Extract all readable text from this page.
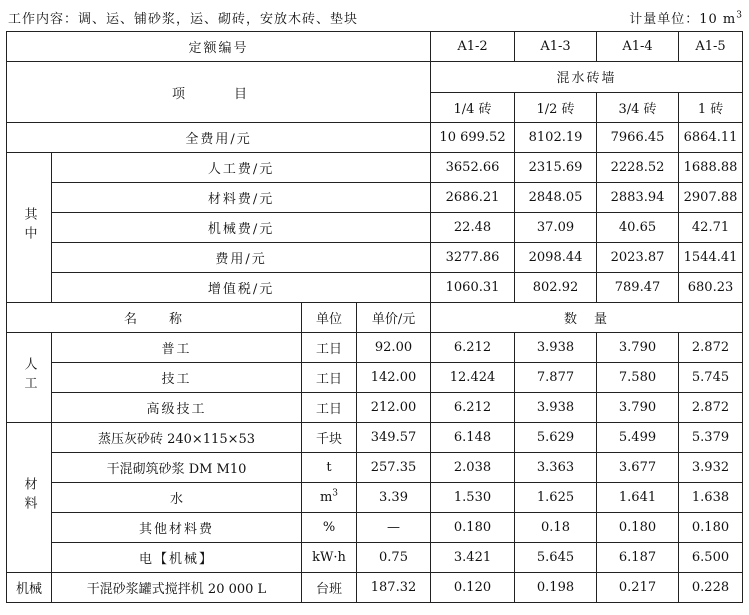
工作内容：调、运、铺砂浆，运、砌砖，安放木砖、垫块	计量单位：10 $m^3$
定额编号				A1-2	A1-3	A1-4	A1-5
项　目				混水砖墙			
				1/4 砖	1/2 砖	3/4 砖	1 砖
全费用/元				10 699.52	8102.19	7966.45	6864.11
其中	人工费/元			3652.66	2315.69	2228.52	1688.88
	材料费/元			2686.21	2848.05	2883.94	2907.88
	机械费/元			22.48	37.09	40.65	42.71
	费用/元			3277.86	2098.44	2023.87	1544.41
	增值税/元			1060.31	802.92	789.47	680.23
名　　称		单位	单价/元	数　量			
人工	普工	工日	92.00	6.212	3.938	3.790	2.872
	技工	工日	142.00	12.424	7.877	7.580	5.745
	高级技工	工日	212.00	6.212	3.938	3.790	2.872
材料	蒸压灰砂砖 240×115×53	千块	349.57	6.148	5.629	5.499	5.379
	干混砌筑砂浆 DM M10	t	257.35	2.038	3.363	3.677	3.932
	水	$m^3$	3.39	1.530	1.625	1.641	1.638
	其他材料费	%	—	0.180	0.18	0.180	0.180
	电【机械】	kW·h	0.75	3.421	5.645	6.187	6.500
机械	干混砂浆罐式搅拌机 20 000 L	台班	187.32	0.120	0.198	0.217	0.228
